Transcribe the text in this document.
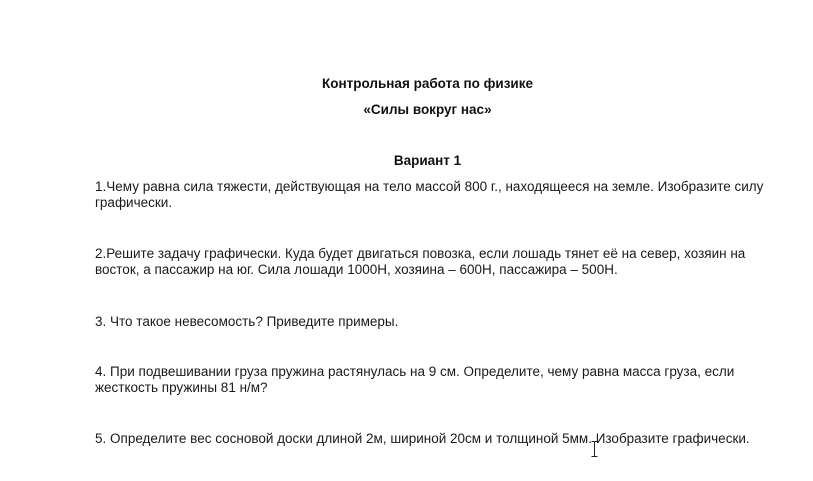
Контрольная работа по физике
«Силы вокруг нас»
Вариант 1
1.Чему равна сила тяжести, действующая на тело массой 800 г., находящееся на земле. Изобразите силу графически.
2.Решите задачу графически. Куда будет двигаться повозка, если лошадь тянет её на север, хозяин на восток, а пассажир на юг. Сила лошади 1000Н, хозяина – 600Н, пассажира – 500Н.
3. Что такое невесомость? Приведите примеры.
4. При подвешивании груза пружина растянулась на 9 см. Определите, чему равна масса груза, если жесткость пружины 81 н/м?
5. Определите вес сосновой доски длиной 2м, шириной 20см и толщиной 5мм. Изобразите графически.
